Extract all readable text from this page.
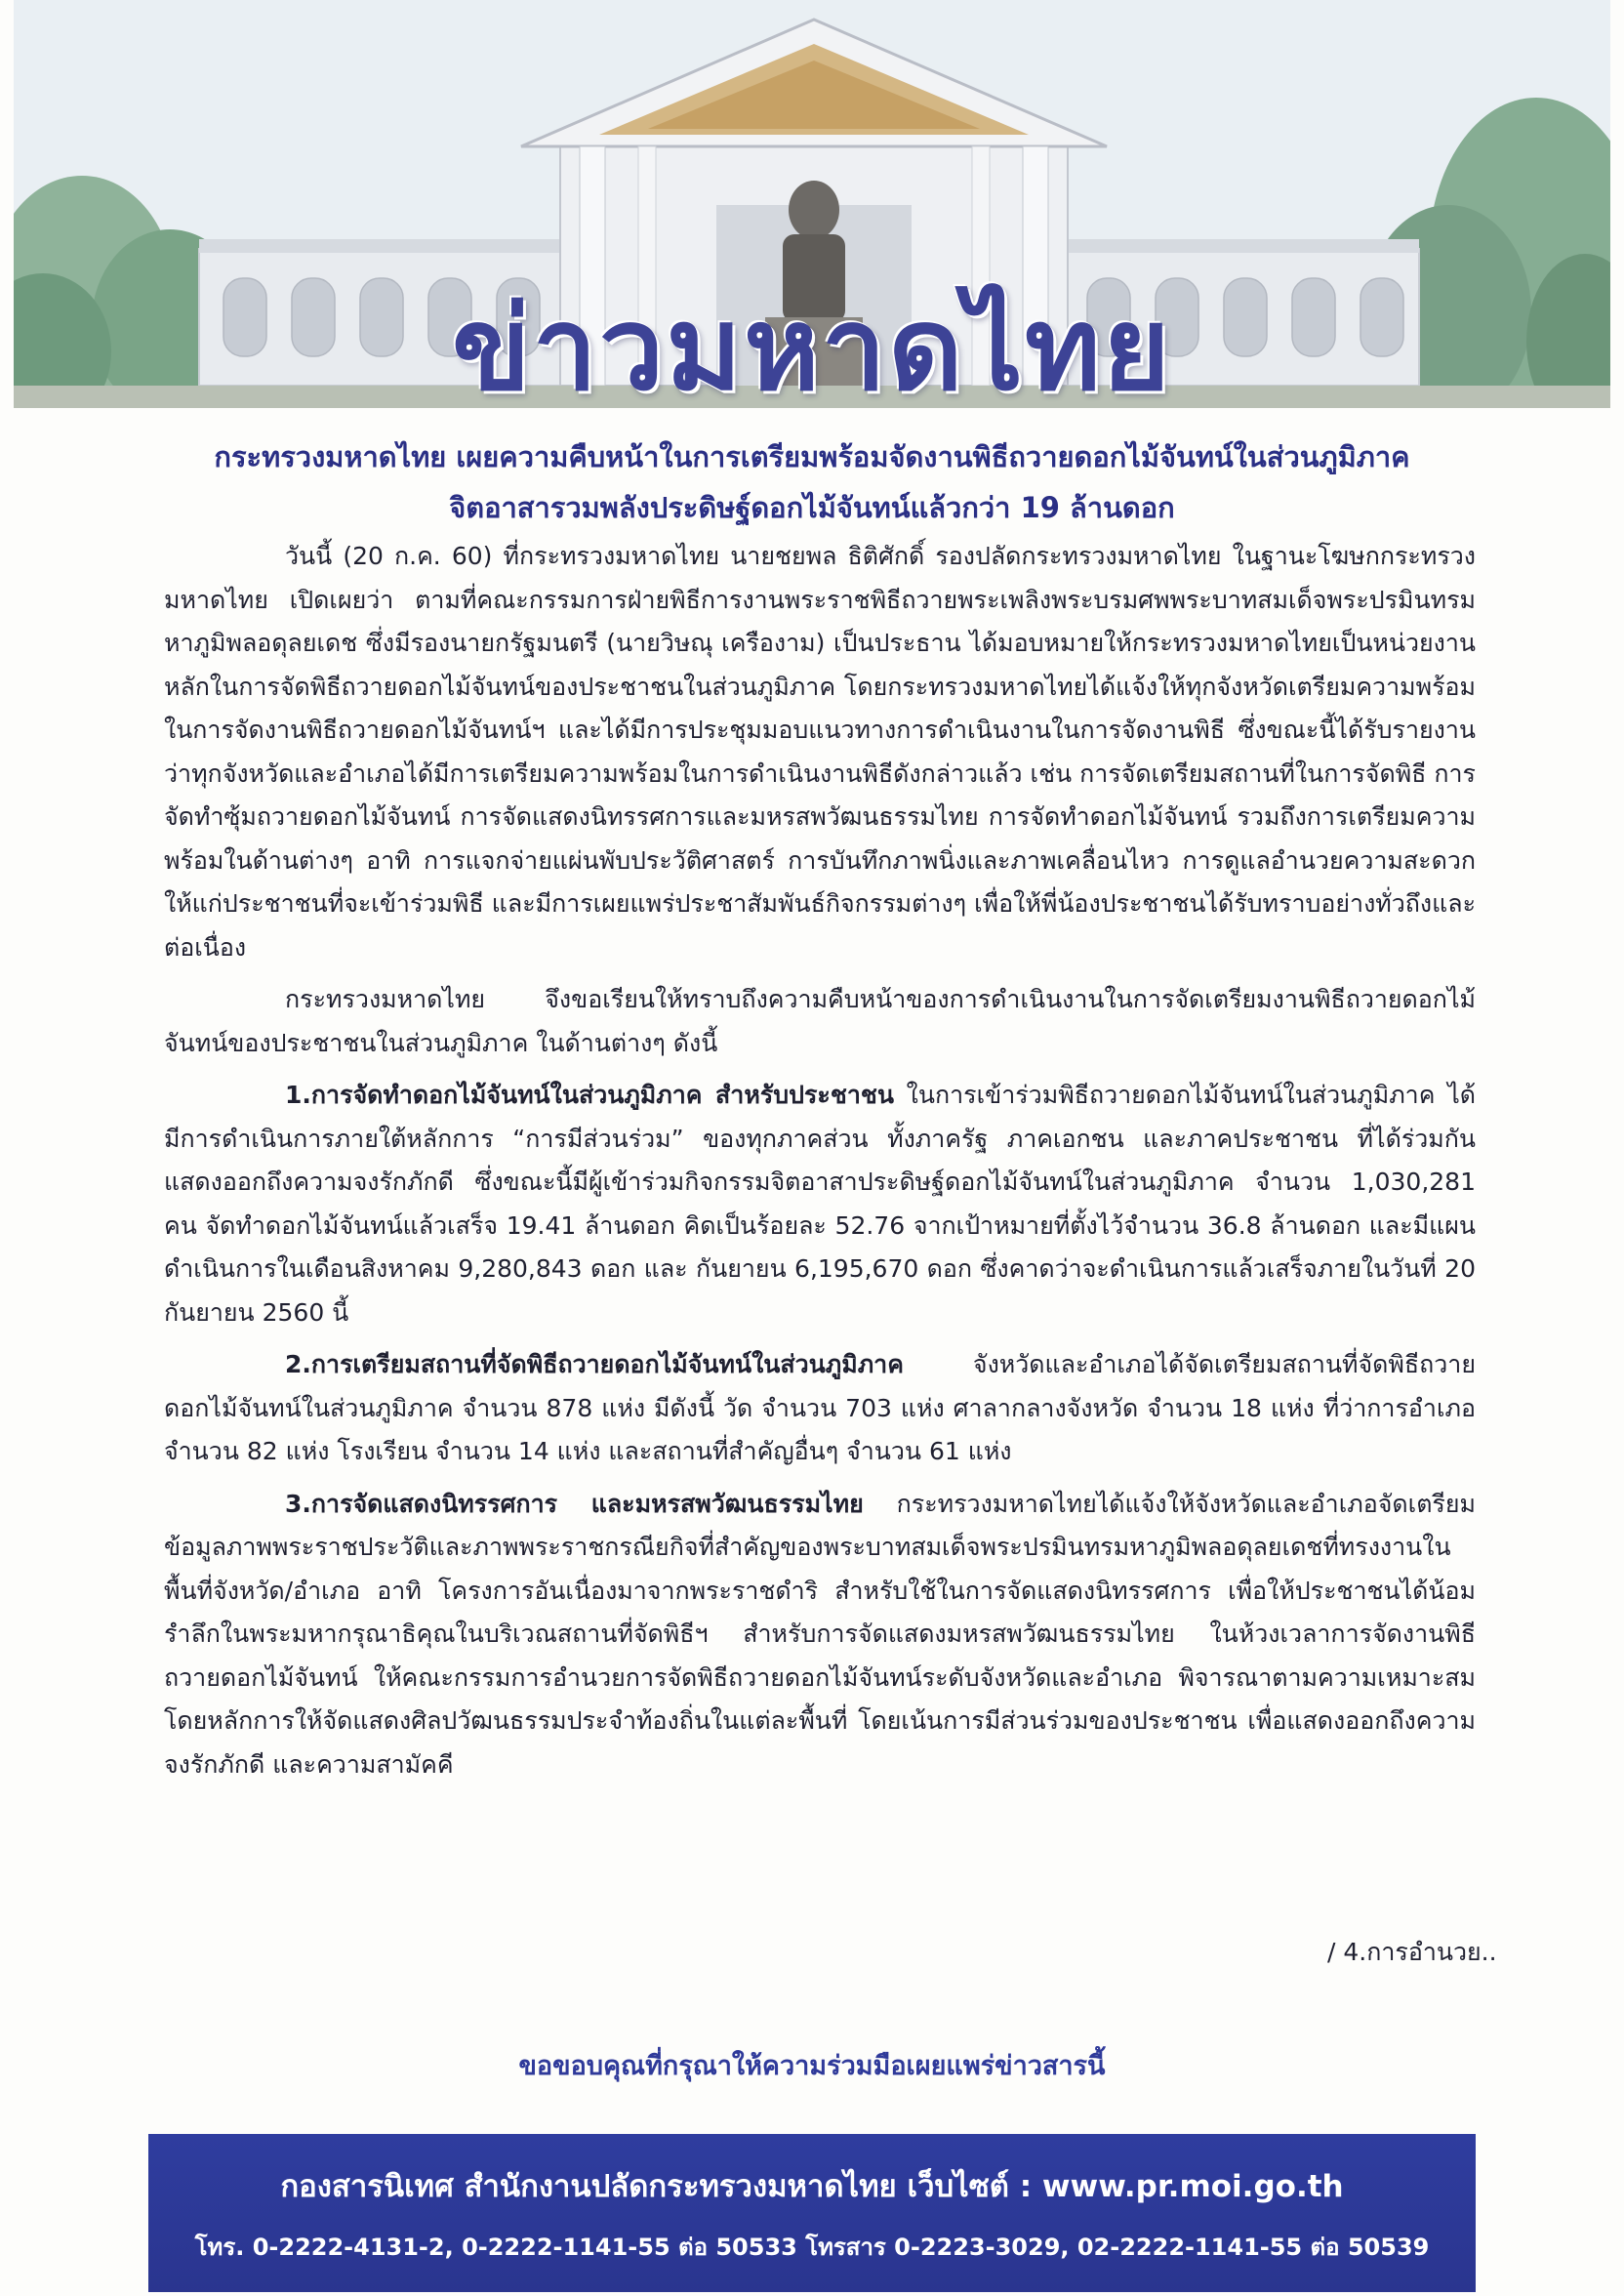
ข่าวมหาดไทย
กระทรวงมหาดไทย เผยความคืบหน้าในการเตรียมพร้อมจัดงานพิธีถวายดอกไม้จันทน์ในส่วนภูมิภาค
จิตอาสารวมพลังประดิษฐ์ดอกไม้จันทน์แล้วกว่า 19 ล้านดอก

วันนี้ (20 ก.ค. 60) ที่กระทรวงมหาดไทย นายชยพล ธิติศักดิ์ รองปลัดกระทรวงมหาดไทย ในฐานะโฆษกกระทรวงมหาดไทย เปิดเผยว่า ตามที่คณะกรรมการฝ่ายพิธีการงานพระราชพิธีถวายพระเพลิงพระบรมศพพระบาทสมเด็จพระปรมินทรมหาภูมิพลอดุลยเดช ซึ่งมีรองนายกรัฐมนตรี (นายวิษณุ เครืองาม) เป็นประธาน ได้มอบหมายให้กระทรวงมหาดไทยเป็นหน่วยงานหลักในการจัดพิธีถวายดอกไม้จันทน์ของประชาชนในส่วนภูมิภาค โดยกระทรวงมหาดไทยได้แจ้งให้ทุกจังหวัดเตรียมความพร้อมในการจัดงานพิธีถวายดอกไม้จันทน์ฯ และได้มีการประชุมมอบแนวทางการดำเนินงานในการจัดงานพิธี ซึ่งขณะนี้ได้รับรายงานว่าทุกจังหวัดและอำเภอได้มีการเตรียมความพร้อมในการดำเนินงานพิธีดังกล่าวแล้ว เช่น การจัดเตรียมสถานที่ในการจัดพิธี การจัดทำซุ้มถวายดอกไม้จันทน์ การจัดแสดงนิทรรศการและมหรสพวัฒนธรรมไทย การจัดทำดอกไม้จันทน์ รวมถึงการเตรียมความพร้อมในด้านต่างๆ อาทิ การแจกจ่ายแผ่นพับประวัติศาสตร์ การบันทึกภาพนิ่งและภาพเคลื่อนไหว การดูแลอำนวยความสะดวกให้แก่ประชาชนที่จะเข้าร่วมพิธี และมีการเผยแพร่ประชาสัมพันธ์กิจกรรมต่างๆ เพื่อให้พี่น้องประชาชนได้รับทราบอย่างทั่วถึงและต่อเนื่อง

กระทรวงมหาดไทย จึงขอเรียนให้ทราบถึงความคืบหน้าของการดำเนินงานในการจัดเตรียมงานพิธีถวายดอกไม้จันทน์ของประชาชนในส่วนภูมิภาค ในด้านต่างๆ ดังนี้

1.การจัดทำดอกไม้จันทน์ในส่วนภูมิภาค สำหรับประชาชน ในการเข้าร่วมพิธีถวายดอกไม้จันทน์ในส่วนภูมิภาค ได้มีการดำเนินการภายใต้หลักการ “การมีส่วนร่วม” ของทุกภาคส่วน ทั้งภาครัฐ ภาคเอกชน และภาคประชาชน ที่ได้ร่วมกันแสดงออกถึงความจงรักภักดี ซึ่งขณะนี้มีผู้เข้าร่วมกิจกรรมจิตอาสาประดิษฐ์ดอกไม้จันทน์ในส่วนภูมิภาค จำนวน 1,030,281 คน จัดทำดอกไม้จันทน์แล้วเสร็จ 19.41 ล้านดอก คิดเป็นร้อยละ 52.76 จากเป้าหมายที่ตั้งไว้จำนวน 36.8 ล้านดอก และมีแผนดำเนินการในเดือนสิงหาคม 9,280,843 ดอก และ กันยายน 6,195,670 ดอก ซึ่งคาดว่าจะดำเนินการแล้วเสร็จภายในวันที่ 20 กันยายน 2560 นี้

2.การเตรียมสถานที่จัดพิธีถวายดอกไม้จันทน์ในส่วนภูมิภาค จังหวัดและอำเภอได้จัดเตรียมสถานที่จัดพิธีถวายดอกไม้จันทน์ในส่วนภูมิภาค จำนวน 878 แห่ง มีดังนี้ วัด จำนวน 703 แห่ง ศาลากลางจังหวัด จำนวน 18 แห่ง ที่ว่าการอำเภอ จำนวน 82 แห่ง โรงเรียน จำนวน 14 แห่ง และสถานที่สำคัญอื่นๆ จำนวน 61 แห่ง

3.การจัดแสดงนิทรรศการ และมหรสพวัฒนธรรมไทย กระทรวงมหาดไทยได้แจ้งให้จังหวัดและอำเภอจัดเตรียมข้อมูลภาพพระราชประวัติและภาพพระราชกรณียกิจที่สำคัญของพระบาทสมเด็จพระปรมินทรมหาภูมิพลอดุลยเดชที่ทรงงานในพื้นที่จังหวัด/อำเภอ อาทิ โครงการอันเนื่องมาจากพระราชดำริ สำหรับใช้ในการจัดแสดงนิทรรศการ เพื่อให้ประชาชนได้น้อมรำลึกในพระมหากรุณาธิคุณในบริเวณสถานที่จัดพิธีฯ สำหรับการจัดแสดงมหรสพวัฒนธรรมไทย ในห้วงเวลาการจัดงานพิธีถวายดอกไม้จันทน์ ให้คณะกรรมการอำนวยการจัดพิธีถวายดอกไม้จันทน์ระดับจังหวัดและอำเภอ พิจารณาตามความเหมาะสม โดยหลักการให้จัดแสดงศิลปวัฒนธรรมประจำท้องถิ่นในแต่ละพื้นที่ โดยเน้นการมีส่วนร่วมของประชาชน เพื่อแสดงออกถึงความจงรักภักดี และความสามัคคี

/ 4.การอำนวย..
ขอขอบคุณที่กรุณาให้ความร่วมมือเผยแพร่ข่าวสารนี้
กองสารนิเทศ สำนักงานปลัดกระทรวงมหาดไทย เว็บไซต์ : www.pr.moi.go.th
โทร. 0-2222-4131-2, 0-2222-1141-55 ต่อ 50533 โทรสาร 0-2223-3029, 02-2222-1141-55 ต่อ 50539
